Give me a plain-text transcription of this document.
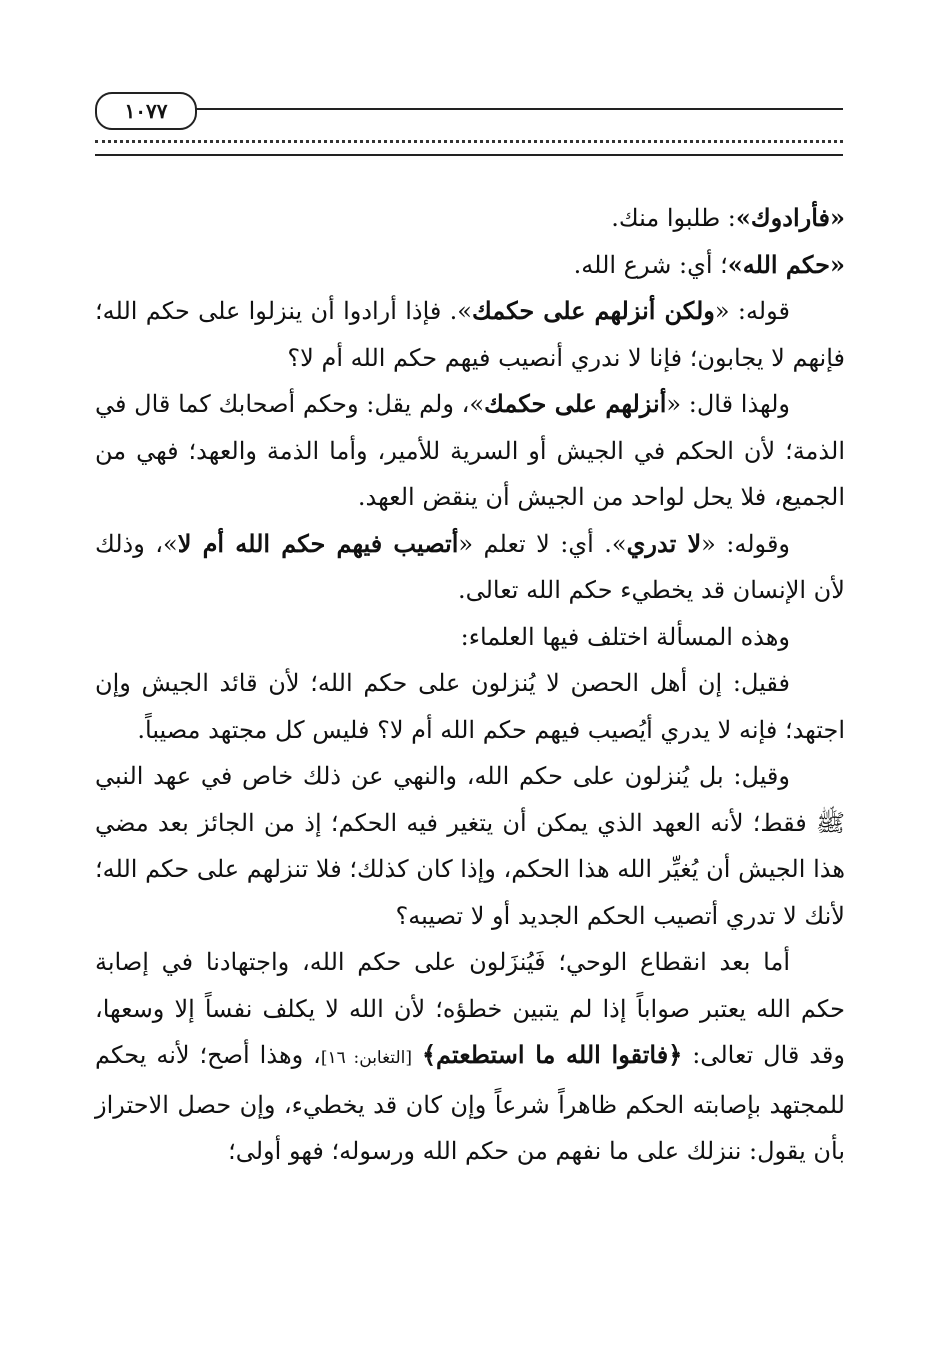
١٠٧٧

«فأرادوك»: طلبوا منك.

«حكم الله»؛ أي: شرع الله.

قوله: «ولكن أنزلهم على حكمك». فإذا أرادوا أن ينزلوا على حكم الله؛ فإنهم لا يجابون؛ فإنا لا ندري أنصيب فيهم حكم الله أم لا؟

ولهذا قال: «أنزلهم على حكمك»، ولم يقل: وحكم أصحابك كما قال في الذمة؛ لأن الحكم في الجيش أو السرية للأمير، وأما الذمة والعهد؛ فهي من الجميع، فلا يحل لواحد من الجيش أن ينقض العهد.

وقوله: «لا تدري». أي: لا تعلم «أتصيب فيهم حكم الله أم لا»، وذلك لأن الإنسان قد يخطيء حكم الله تعالى.

وهذه المسألة اختلف فيها العلماء:

فقيل: إن أهل الحصن لا يُنزلون على حكم الله؛ لأن قائد الجيش وإن اجتهد؛ فإنه لا يدري أيُصيب فيهم حكم الله أم لا؟ فليس كل مجتهد مصيباً.

وقيل: بل يُنزلون على حكم الله، والنهي عن ذلك خاص في عهد النبي ﷺ فقط؛ لأنه العهد الذي يمكن أن يتغير فيه الحكم؛ إذ من الجائز بعد مضي هذا الجيش أن يُغيِّر الله هذا الحكم، وإذا كان كذلك؛ فلا تنزلهم على حكم الله؛ لأنك لا تدري أتصيب الحكم الجديد أو لا تصيبه؟

أما بعد انقطاع الوحي؛ فَيُنزَلون على حكم الله، واجتهادنا في إصابة حكم الله يعتبر صواباً إذا لم يتبين خطؤه؛ لأن الله لا يكلف نفساً إلا وسعها، وقد قال تعالى: ﴿فاتقوا الله ما استطعتم﴾ [التغابن: ١٦]، وهذا أصح؛ لأنه يحكم للمجتهد بإصابته الحكم ظاهراً شرعاً وإن كان قد يخطيء، وإن حصل الاحتراز بأن يقول: ننزلك على ما نفهم من حكم الله ورسوله؛ فهو أولى؛
